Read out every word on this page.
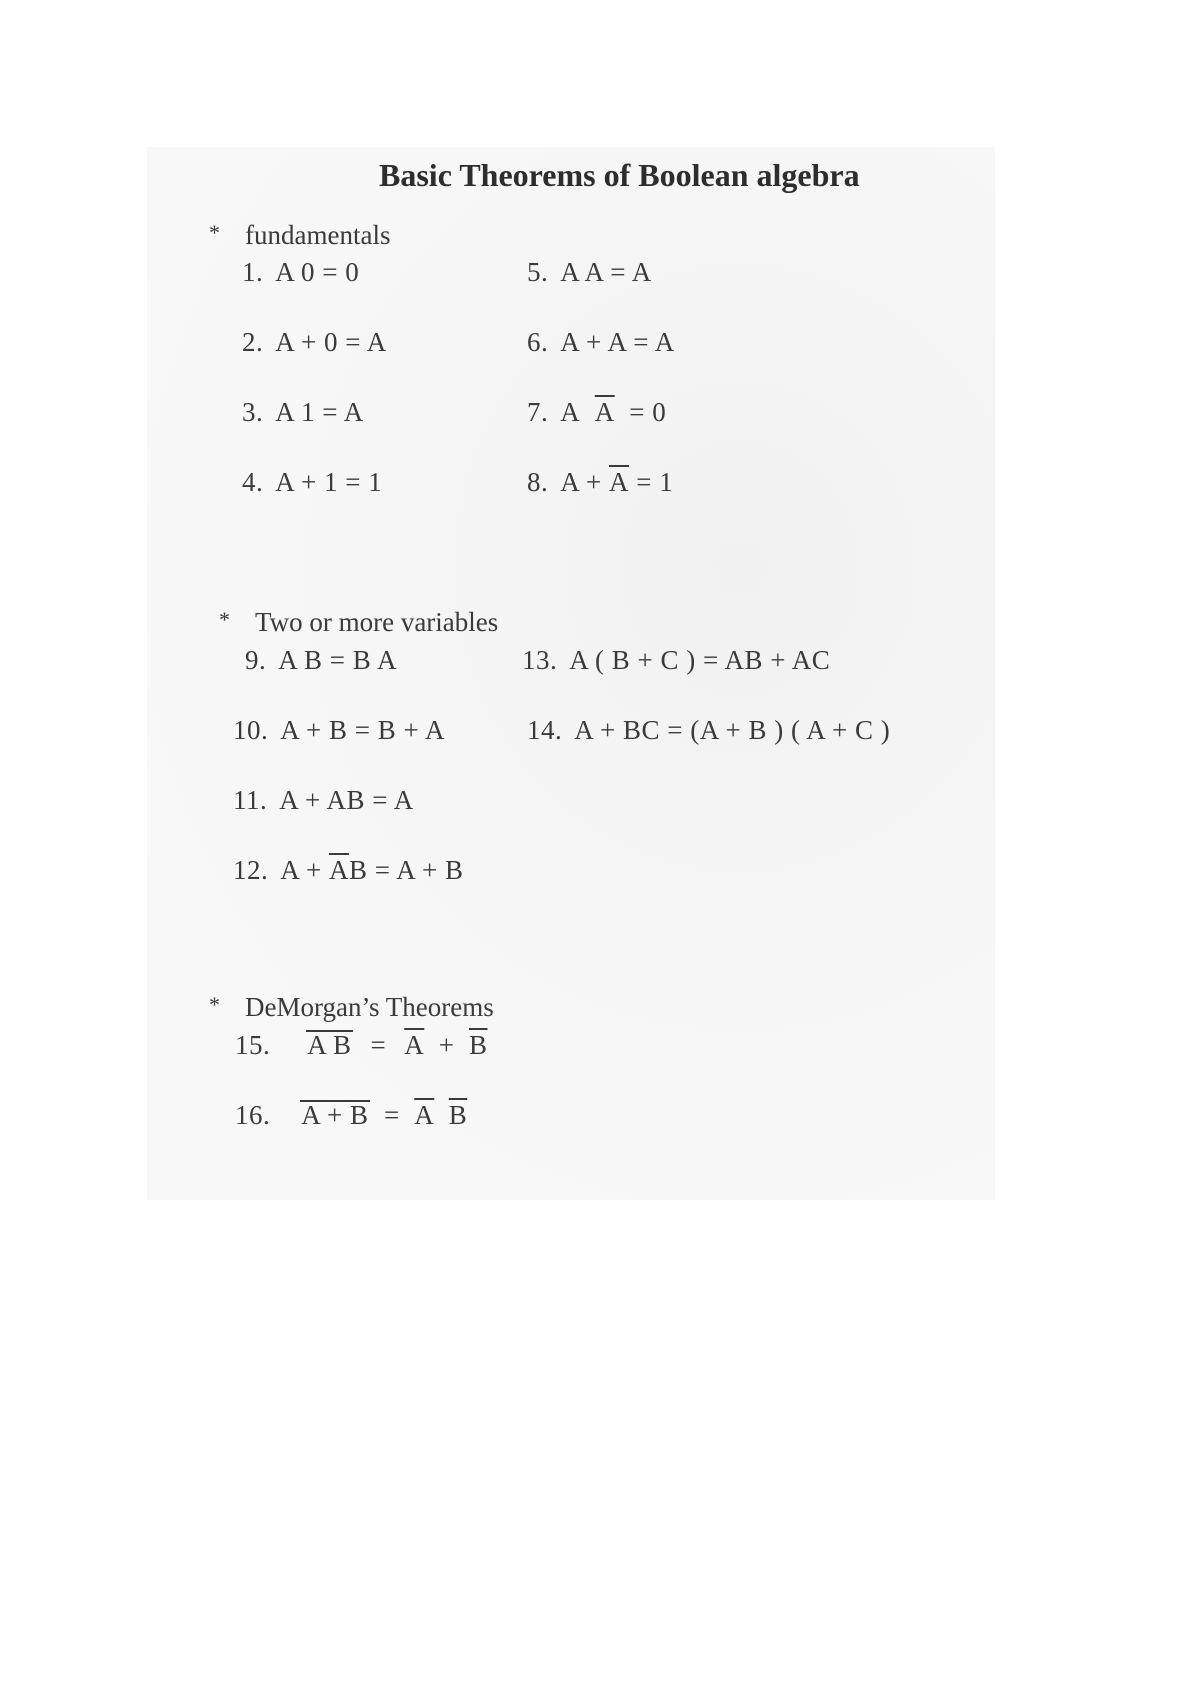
Basic Theorems of Boolean algebra
* fundamentals
1. A 0 = 0
2. A + 0 = A
3. A 1 = A
4. A + 1 = 1
5. A A = A
6. A + A = A
7. A $\overline{A} = 0$
8. $A + \overline{A} = 1$
* Two or more variables
9. A B = B A
10. A + B = B + A
11. A + AB = A
12. $A + \overline{A}B = A + B$
13. A ( B + C ) = AB + AC
14. A + BC = (A + B ) ( A + C )
* DeMorgan’s Theorems
15. A $B = \overline{A} + \overline{B}$
16. $A + B = \overline{A}$ $\overline{B}$
